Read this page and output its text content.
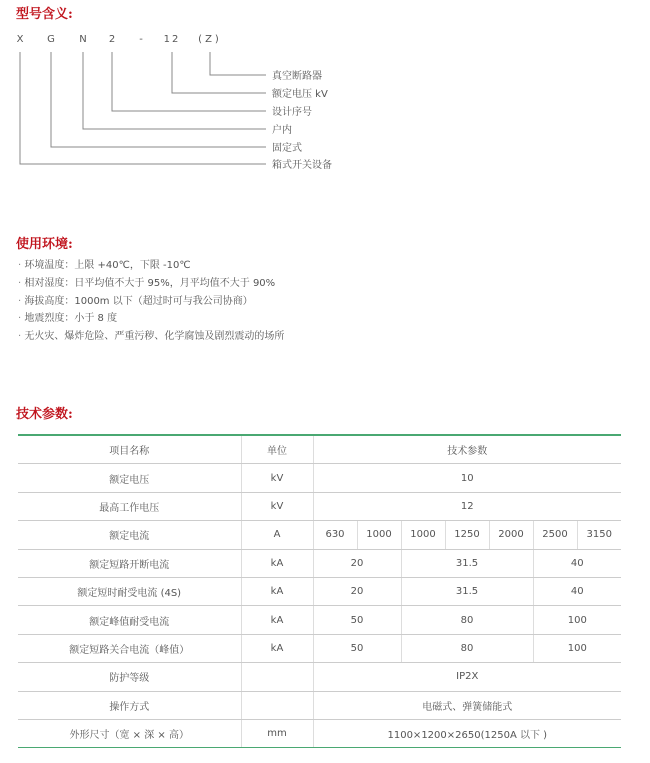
型号含义:
X G N 2 - 12 (Z)
真空断路器
额定电压 kV
设计序号
户内
固定式
箱式开关设备
使用环境:
· 环境温度：上限 +40℃，下限 -10℃
· 相对湿度：日平均值不大于 95%，月平均值不大于 90%
· 海拔高度：1000m 以下（超过时可与我公司协商）
· 地震烈度：小于 8 度
· 无火灾、爆炸危险、严重污秽、化学腐蚀及剧烈震动的场所
技术参数:
项目名称	单位	技术参数						
额定电压	kV	10						
最高工作电压	kV	12						
额定电流	A	630	1000	1000	1250	2000	2500	3150
额定短路开断电流	kA	20		31.5			40	
额定短时耐受电流 (4S)	kA	20		31.5			40	
额定峰值耐受电流	kA	50		80			100	
额定短路关合电流（峰值）	kA	50		80			100	
防护等级		IP2X						
操作方式		电磁式、弹簧储能式						
外形尺寸（宽 × 深 × 高）	mm	1100×1200×2650(1250A 以下 )						
